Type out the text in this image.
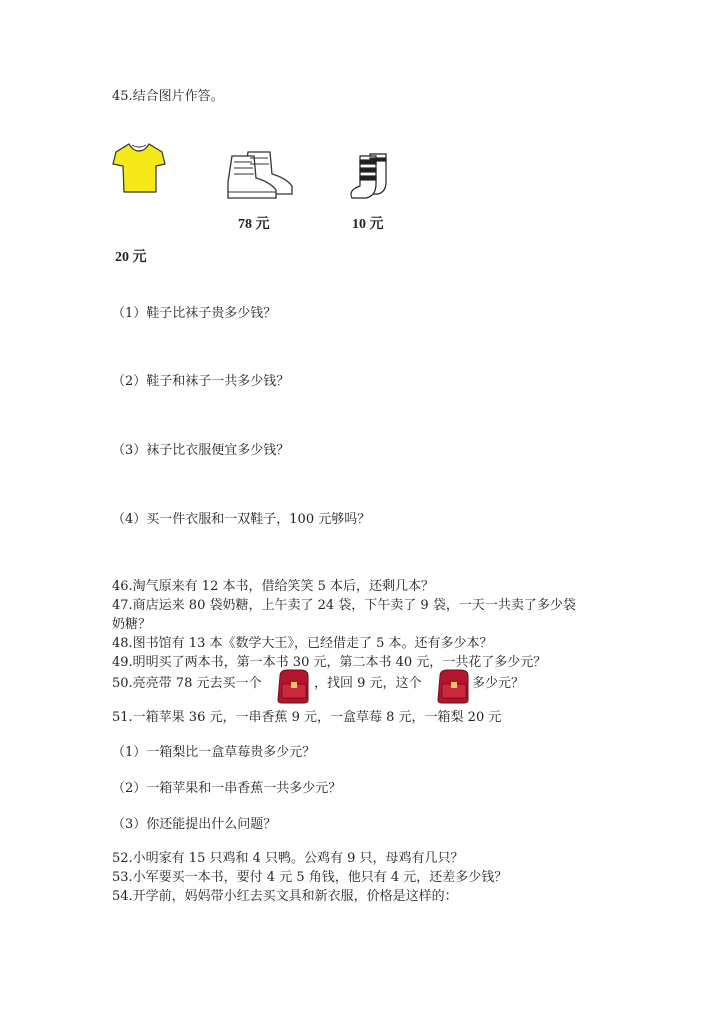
45.结合图片作答。
20 元
78 元	10 元
（1）鞋子比袜子贵多少钱？
（2）鞋子和袜子一共多少钱？
（3）袜子比衣服便宜多少钱？
（4）买一件衣服和一双鞋子，100 元够吗？
46.淘气原来有 12 本书，借给笑笑 5 本后，还剩几本？
47.商店运来 80 袋奶糖，上午卖了 24 袋，下午卖了 9 袋，一天一共卖了多少袋
奶糖？
48.图书馆有 13 本《数学大王》，已经借走了 5 本。还有多少本？
49.明明买了两本书，第一本书 30 元，第二本书 40 元，一共花了多少元？
50.亮亮带 78 元去买一个	，找回 9 元，这个	多少元？
51.一箱苹果 36 元，一串香蕉 9 元，一盒草莓 8 元，一箱梨 20 元
（1）一箱梨比一盒草莓贵多少元？
（2）一箱苹果和一串香蕉一共多少元？
（3）你还能提出什么问题？
52.小明家有 15 只鸡和 4 只鸭。公鸡有 9 只，母鸡有几只？
53.小军要买一本书，要付 4 元 5 角钱，他只有 4 元，还差多少钱？
54.开学前，妈妈带小红去买文具和新衣服，价格是这样的：
